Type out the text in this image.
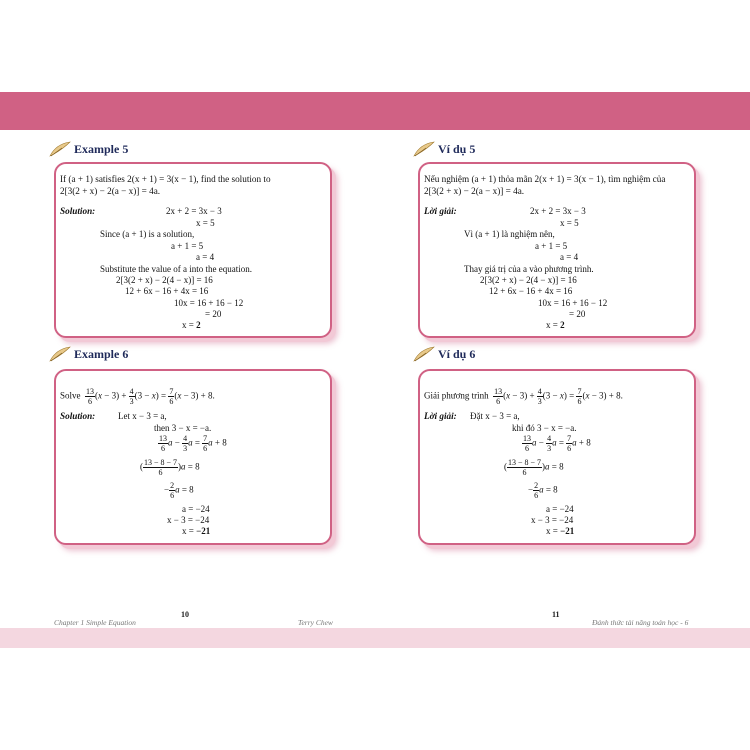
Example 5
If (a + 1) satisfies 2(x + 1) = 3(x − 1), find the solution to
2[3(2 + x) − 2(a − x)] = 4a.
Solution:	2x + 2 = 3x − 3
x = 5
Since (a + 1) is a solution,
a + 1 = 5
a = 4
Substitute the value of a into the equation.
2[3(2 + x) − 2(4 − x)] = 16
12 + 6x − 16 + 4x = 16
10x = 16 + 16 − 12
= 20
x = 2
Example 6
Solve $\frac{13}{6} (x - 3) + \frac{4}{3} (3 - x) = \frac{7}{6} (x - 3) + 8$.
Solution:	Let x − 3 = a,
then 3 − x = −a.
$\frac{13}{6}$ $a - \frac{4}{3}$ $a = \frac{7}{6}$ a + 8
( $\frac{13 - 8 - 7}{6} )a = 8$
− $\frac{2}{6}$ a = 8
a = −24
x − 3 = −24
x = −21
Chapter 1 Simple Equation
10
Terry Chew
Ví dụ 5
Nếu nghiệm (a + 1) thỏa mãn 2(x + 1) = 3(x − 1), tìm nghiệm của
2[3(2 + x) − 2(a − x)] = 4a.
Lời giải:	2x + 2 = 3x − 3
x = 5
Vì (a + 1) là nghiệm nên,
a + 1 = 5
a = 4
Thay giá trị của a vào phương trình.
2[3(2 + x) − 2(4 − x)] = 16
12 + 6x − 16 + 4x = 16
10x = 16 + 16 − 12
= 20
x = 2
Ví dụ 6
Giải phương trình $\frac{13}{6} (x - 3) + \frac{4}{3} (3 - x) = \frac{7}{6} (x - 3) + 8$.
Lời giải: Đặt x − 3 = a,
khi đó 3 − x = −a.
$\frac{13}{6}$ $a - \frac{4}{3}$ $a = \frac{7}{6}$ a + 8
( $\frac{13 - 8 - 7}{6} )a = 8$
− $\frac{2}{6}$ a = 8
a = −24
x − 3 = −24
x = −21
11
Đánh thức tài năng toán học - 6
